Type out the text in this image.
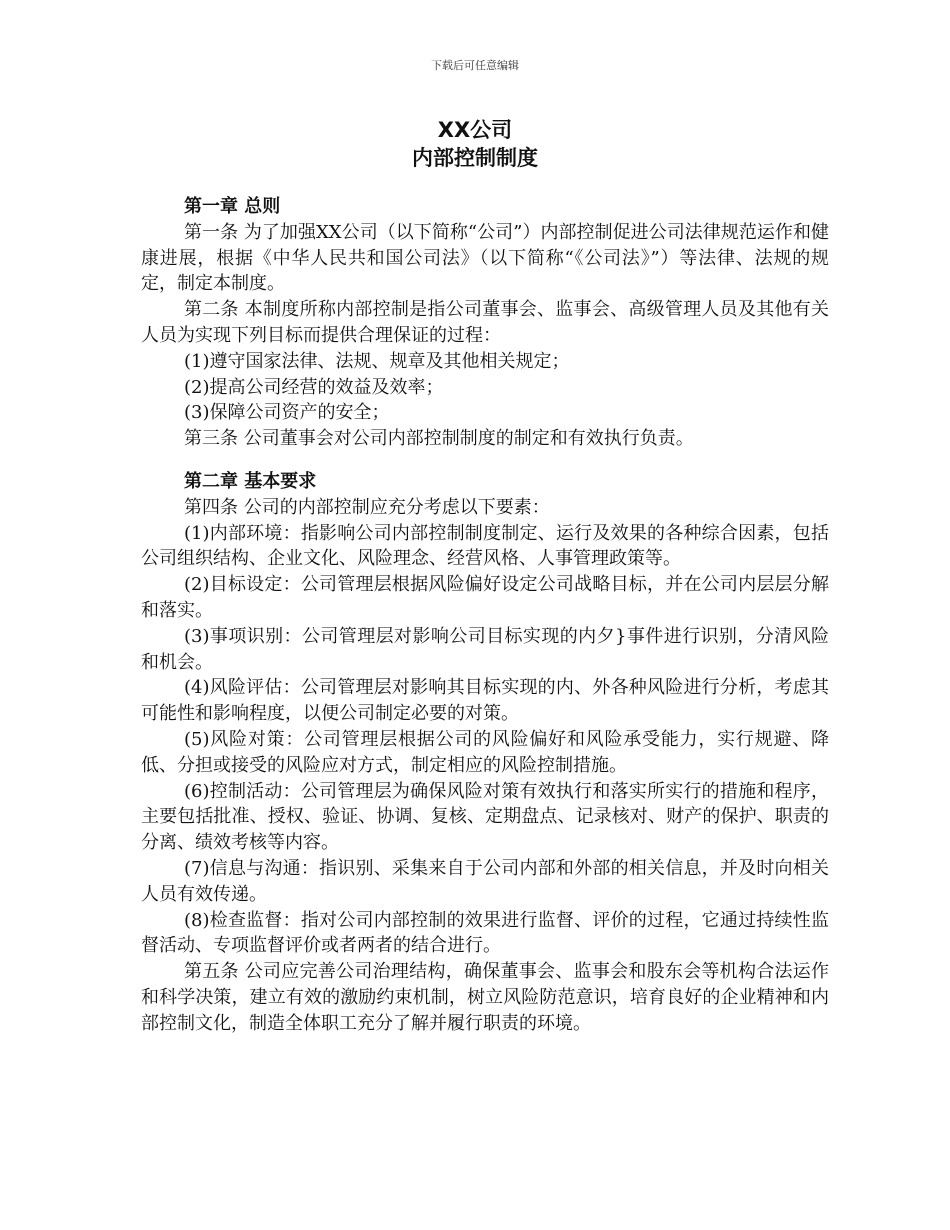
下载后可任意编辑
XX公司
内部控制制度
第一章 总则

第一条 为了加强XX公司（以下简称“公司”）内部控制促进公司法律规范运作和健康进展，根据《中华人民共和国公司法》（以下简称“《公司法》”）等法律、法规的规定，制定本制度。

第二条 本制度所称内部控制是指公司董事会、监事会、高级管理人员及其他有关人员为实现下列目标而提供合理保证的过程：

(1)遵守国家法律、法规、规章及其他相关规定；

(2)提高公司经营的效益及效率；

(3)保障公司资产的安全；

第三条 公司董事会对公司内部控制制度的制定和有效执行负责。

第二章 基本要求

第四条 公司的内部控制应充分考虑以下要素：

(1)内部环境：指影响公司内部控制制度制定、运行及效果的各种综合因素，包括公司组织结构、企业文化、风险理念、经营风格、人事管理政策等。

(2)目标设定：公司管理层根据风险偏好设定公司战略目标，并在公司内层层分解和落实。

(3)事项识别：公司管理层对影响公司目标实现的内夕}事件进行识别，分清风险和机会。

(4)风险评估：公司管理层对影响其目标实现的内、外各种风险进行分析，考虑其可能性和影响程度，以便公司制定必要的对策。

(5)风险对策：公司管理层根据公司的风险偏好和风险承受能力，实行规避、降低、分担或接受的风险应对方式，制定相应的风险控制措施。

(6)控制活动：公司管理层为确保风险对策有效执行和落实所实行的措施和程序，主要包括批准、授权、验证、协调、复核、定期盘点、记录核对、财产的保护、职责的分离、绩效考核等内容。

(7)信息与沟通：指识别、采集来自于公司内部和外部的相关信息，并及时向相关人员有效传递。

(8)检查监督：指对公司内部控制的效果进行监督、评价的过程，它通过持续性监督活动、专项监督评价或者两者的结合进行。

第五条 公司应完善公司治理结构，确保董事会、监事会和股东会等机构合法运作和科学决策，建立有效的激励约束机制，树立风险防范意识，培育良好的企业精神和内部控制文化，制造全体职工充分了解并履行职责的环境。
